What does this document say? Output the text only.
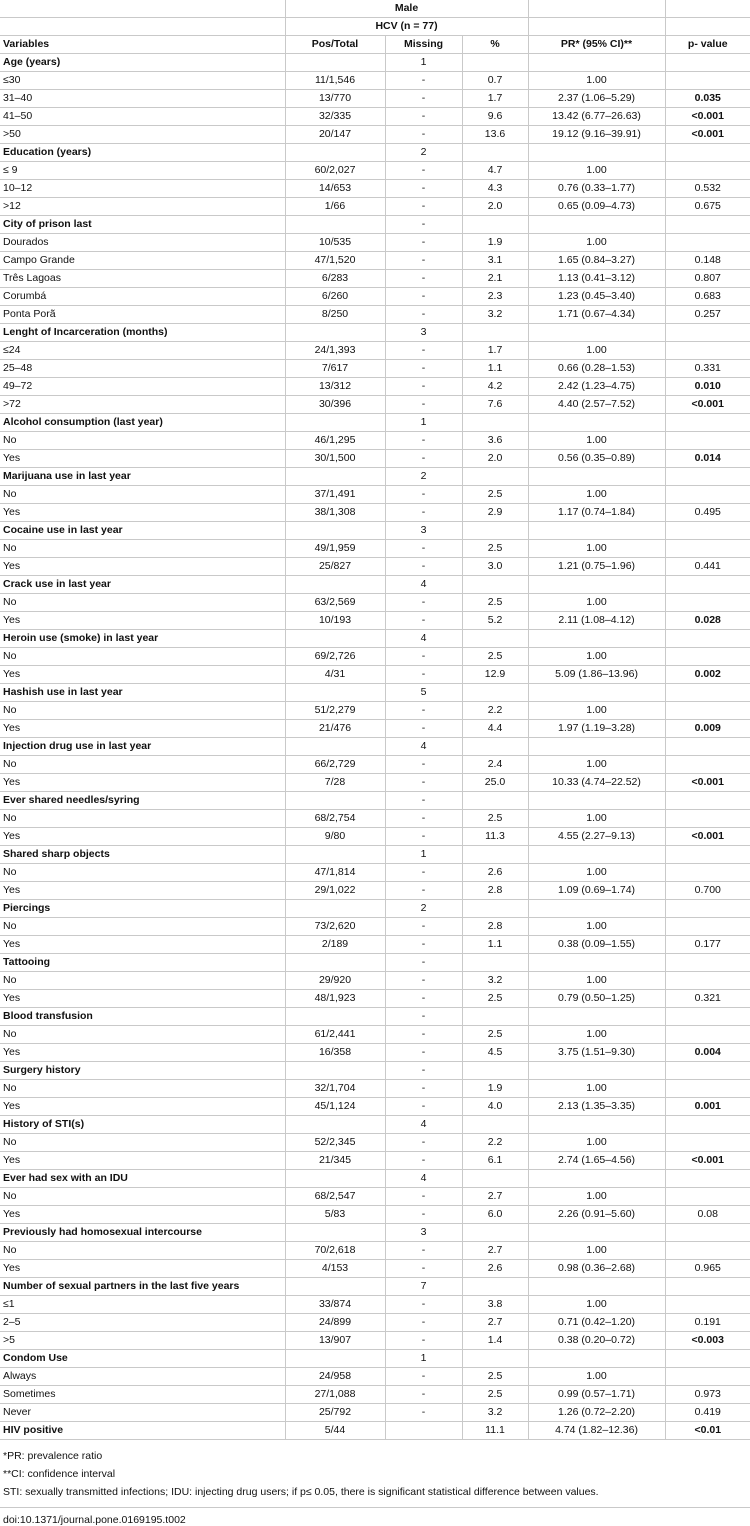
	Male				
	HCV (n = 77)				
Variables	Pos/Total	Missing	%	PR* (95% CI)**	p- value
Age (years)		1			
≤30	11/1,546	-	0.7	1.00	
31–40	13/770	-	1.7	2.37 (1.06–5.29)	0.035
41–50	32/335	-	9.6	13.42 (6.77–26.63)	<0.001
>50	20/147	-	13.6	19.12 (9.16–39.91)	<0.001
Education (years)		2			
≤ 9	60/2,027	-	4.7	1.00	
10–12	14/653	-	4.3	0.76 (0.33–1.77)	0.532
>12	1/66	-	2.0	0.65 (0.09–4.73)	0.675
City of prison last		-			
Dourados	10/535	-	1.9	1.00	
Campo Grande	47/1,520	-	3.1	1.65 (0.84–3.27)	0.148
Três Lagoas	6/283	-	2.1	1.13 (0.41–3.12)	0.807
Corumbá	6/260	-	2.3	1.23 (0.45–3.40)	0.683
Ponta Porã	8/250	-	3.2	1.71 (0.67–4.34)	0.257
Lenght of Incarceration (months)		3			
≤24	24/1,393	-	1.7	1.00	
25–48	7/617	-	1.1	0.66 (0.28–1.53)	0.331
49–72	13/312	-	4.2	2.42 (1.23–4.75)	0.010
>72	30/396	-	7.6	4.40 (2.57–7.52)	<0.001
Alcohol consumption (last year)		1			
No	46/1,295	-	3.6	1.00	
Yes	30/1,500	-	2.0	0.56 (0.35–0.89)	0.014
Marijuana use in last year		2			
No	37/1,491	-	2.5	1.00	
Yes	38/1,308	-	2.9	1.17 (0.74–1.84)	0.495
Cocaine use in last year		3			
No	49/1,959	-	2.5	1.00	
Yes	25/827	-	3.0	1.21 (0.75–1.96)	0.441
Crack use in last year		4			
No	63/2,569	-	2.5	1.00	
Yes	10/193	-	5.2	2.11 (1.08–4.12)	0.028
Heroin use (smoke) in last year		4			
No	69/2,726	-	2.5	1.00	
Yes	4/31	-	12.9	5.09 (1.86–13.96)	0.002
Hashish use in last year		5			
No	51/2,279	-	2.2	1.00	
Yes	21/476	-	4.4	1.97 (1.19–3.28)	0.009
Injection drug use in last year		4			
No	66/2,729	-	2.4	1.00	
Yes	7/28	-	25.0	10.33 (4.74–22.52)	<0.001
Ever shared needles/syring		-			
No	68/2,754	-	2.5	1.00	
Yes	9/80	-	11.3	4.55 (2.27–9.13)	<0.001
Shared sharp objects		1			
No	47/1,814	-	2.6	1.00	
Yes	29/1,022	-	2.8	1.09 (0.69–1.74)	0.700
Piercings		2			
No	73/2,620	-	2.8	1.00	
Yes	2/189	-	1.1	0.38 (0.09–1.55)	0.177
Tattooing		-			
No	29/920	-	3.2	1.00	
Yes	48/1,923	-	2.5	0.79 (0.50–1.25)	0.321
Blood transfusion		-			
No	61/2,441	-	2.5	1.00	
Yes	16/358	-	4.5	3.75 (1.51–9.30)	0.004
Surgery history		-			
No	32/1,704	-	1.9	1.00	
Yes	45/1,124	-	4.0	2.13 (1.35–3.35)	0.001
History of STI(s)		4			
No	52/2,345	-	2.2	1.00	
Yes	21/345	-	6.1	2.74 (1.65–4.56)	<0.001
Ever had sex with an IDU		4			
No	68/2,547	-	2.7	1.00	
Yes	5/83	-	6.0	2.26 (0.91–5.60)	0.08
Previously had homosexual intercourse		3			
No	70/2,618	-	2.7	1.00	
Yes	4/153	-	2.6	0.98 (0.36–2.68)	0.965
Number of sexual partners in the last five years		7			
≤1	33/874	-	3.8	1.00	
2–5	24/899	-	2.7	0.71 (0.42–1.20)	0.191
>5	13/907	-	1.4	0.38 (0.20–0.72)	<0.003
Condom Use		1			
Always	24/958	-	2.5	1.00	
Sometimes	27/1,088	-	2.5	0.99 (0.57–1.71)	0.973
Never	25/792	-	3.2	1.26 (0.72–2.20)	0.419
HIV positive	5/44		11.1	4.74 (1.82–12.36)	<0.01
*PR: prevalence ratio
**CI: confidence interval
STI: sexually transmitted infections; IDU: injecting drug users; if p≤ 0.05, there is significant statistical difference between values.
doi:10.1371/journal.pone.0169195.t002
